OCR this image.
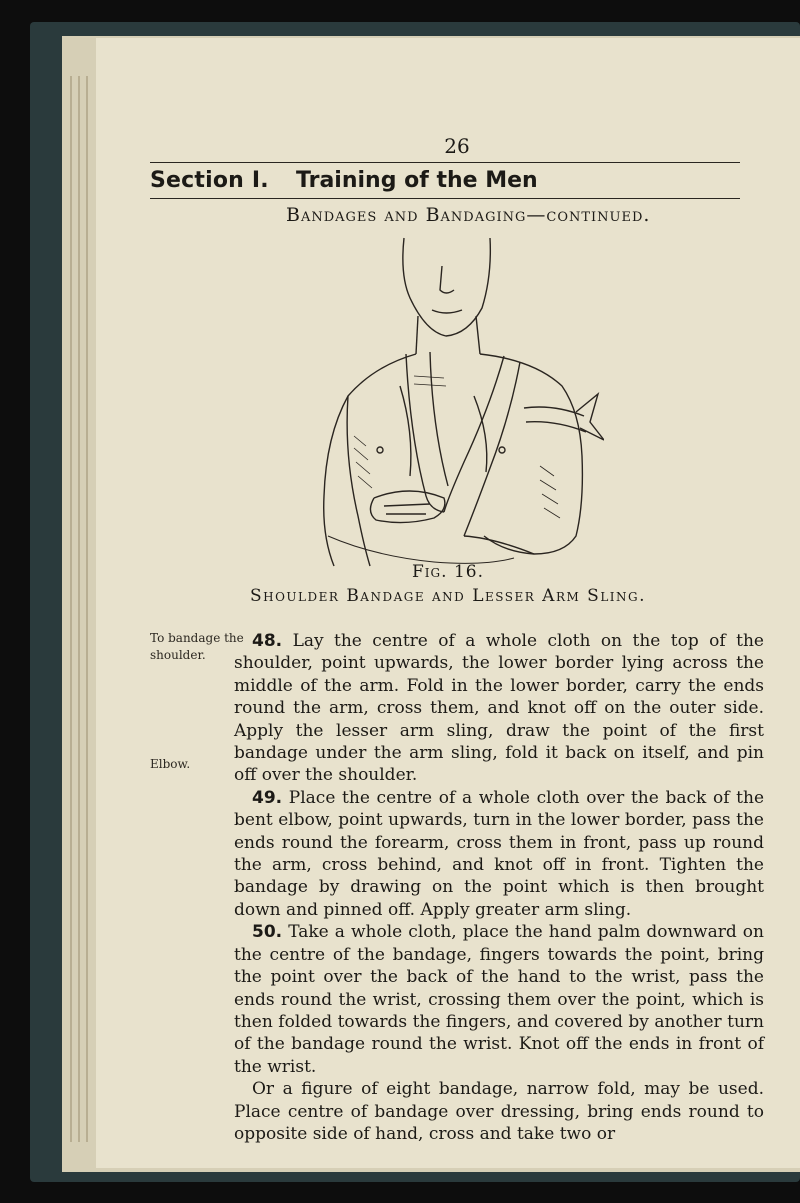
26
Section I. Training of the Men
Bandages and Bandaging—continued.
Fig. 16.
Shoulder Bandage and Lesser Arm Sling.
To bandage the shoulder.
Elbow.

48. Lay the centre of a whole cloth on the top of the shoulder, point upwards, the lower border lying across the middle of the arm. Fold in the lower border, carry the ends round the arm, cross them, and knot off on the outer side. Apply the lesser arm sling, draw the point of the first bandage under the arm sling, fold it back on itself, and pin off over the shoulder.

49. Place the centre of a whole cloth over the back of the bent elbow, point upwards, turn in the lower border, pass the ends round the forearm, cross them in front, pass up round the arm, cross behind, and knot off in front. Tighten the bandage by drawing on the point which is then brought down and pinned off. Apply greater arm sling.

50. Take a whole cloth, place the hand palm downward on the centre of the bandage, fingers towards the point, bring the point over the back of the hand to the wrist, pass the ends round the wrist, crossing them over the point, which is then folded towards the fingers, and covered by another turn of the bandage round the wrist. Knot off the ends in front of the wrist.

Or a figure of eight bandage, narrow fold, may be used. Place centre of bandage over dressing, bring ends round to opposite side of hand, cross and take two or
